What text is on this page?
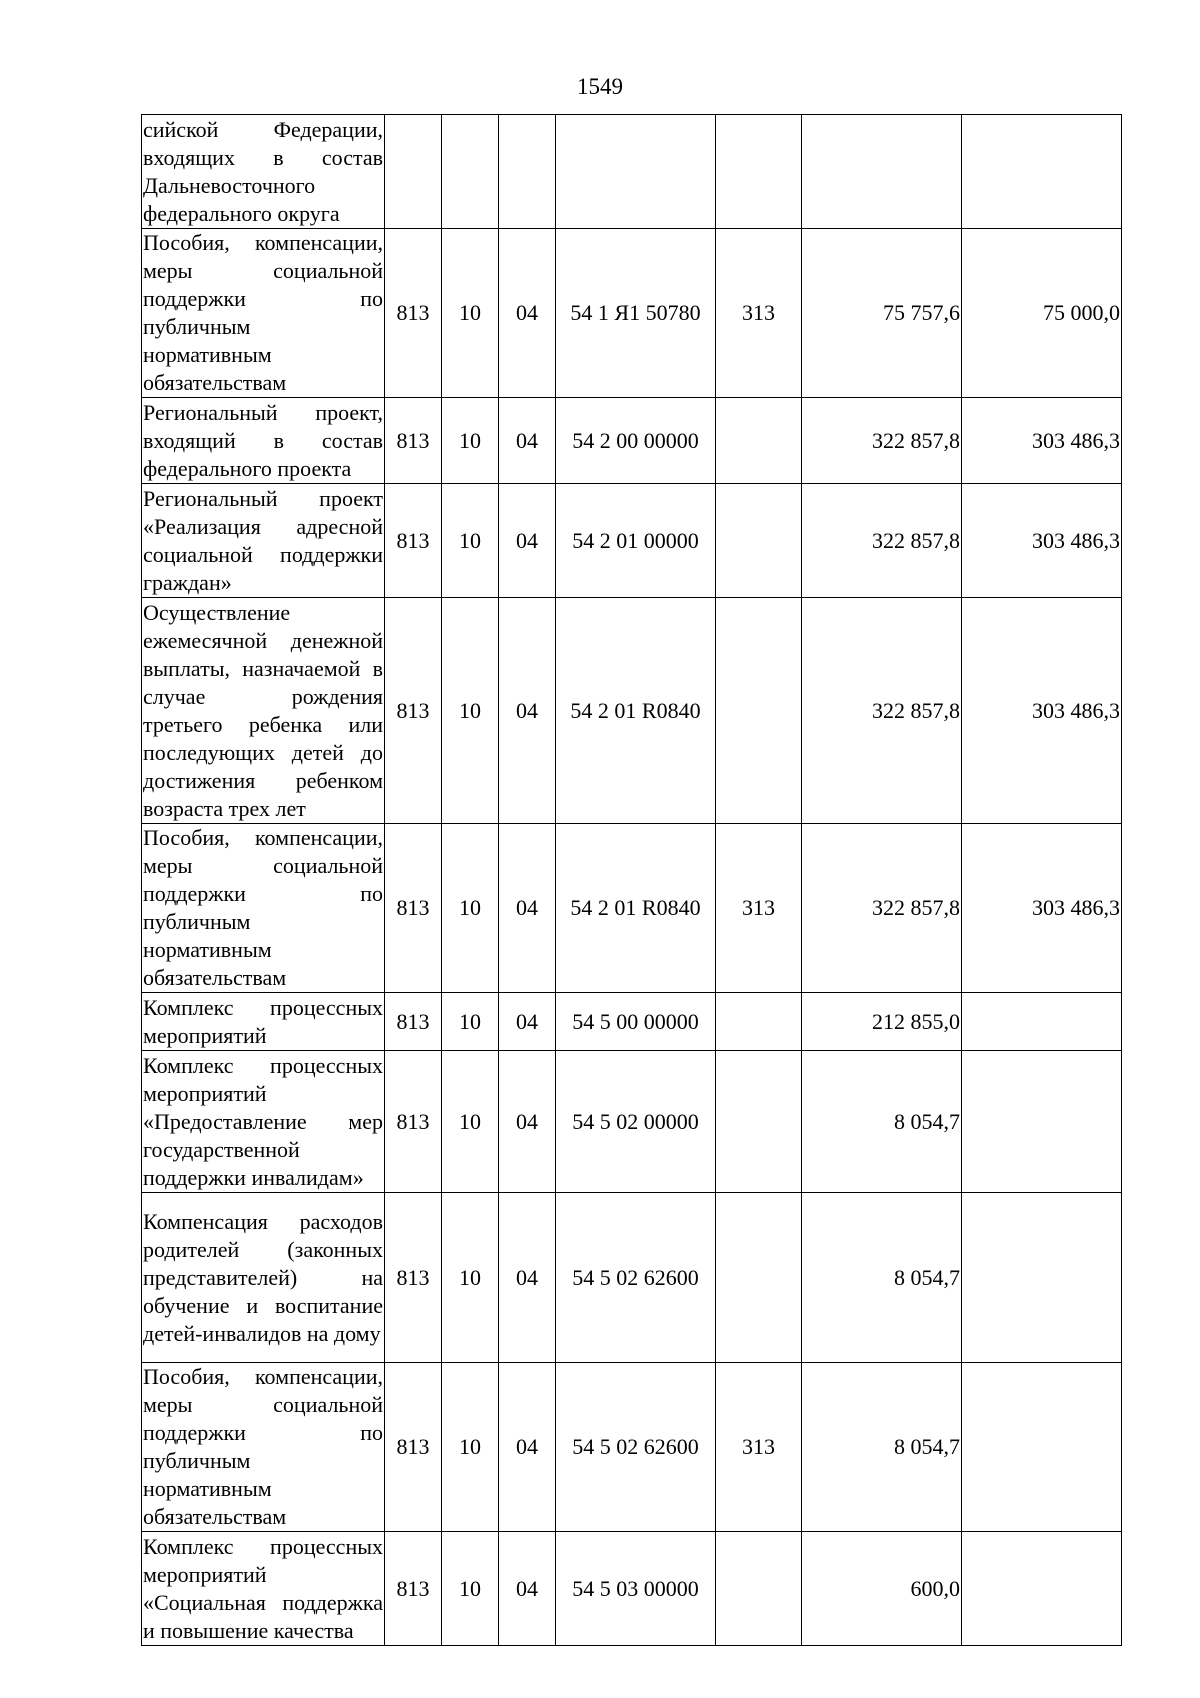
1549
сийской Федерации, входящих в состав Дальневосточного федерального округа							
Пособия, компенсации, меры социальной поддержки по публичным нормативным обязательствам	813	10	04	54 1 Я1 50780	313	75 757,6	75 000,0
Региональный проект, входящий в состав федерального проекта	813	10	04	54 2 00 00000		322 857,8	303 486,3
Региональный проект «Реализация адресной социальной поддержки граждан»	813	10	04	54 2 01 00000		322 857,8	303 486,3
Осуществление ежемесячной денежной выплаты, назначаемой в случае рождения третьего ребенка или последующих детей до достижения ребенком возраста трех лет	813	10	04	54 2 01 R0840		322 857,8	303 486,3
Пособия, компенсации, меры социальной поддержки по публичным нормативным обязательствам	813	10	04	54 2 01 R0840	313	322 857,8	303 486,3
Комплекс процессных мероприятий	813	10	04	54 5 00 00000		212 855,0	
Комплекс процессных мероприятий «Предоставление мер государственной поддержки инвалидам»	813	10	04	54 5 02 00000		8 054,7	
Компенсация расходов родителей (законных представителей) на обучение и воспитание детей-инвалидов на дому	813	10	04	54 5 02 62600		8 054,7	
Пособия, компенсации, меры социальной поддержки по публичным нормативным обязательствам	813	10	04	54 5 02 62600	313	8 054,7	
Комплекс процессных мероприятий «Социальная поддержка и повышение качества	813	10	04	54 5 03 00000		600,0	
